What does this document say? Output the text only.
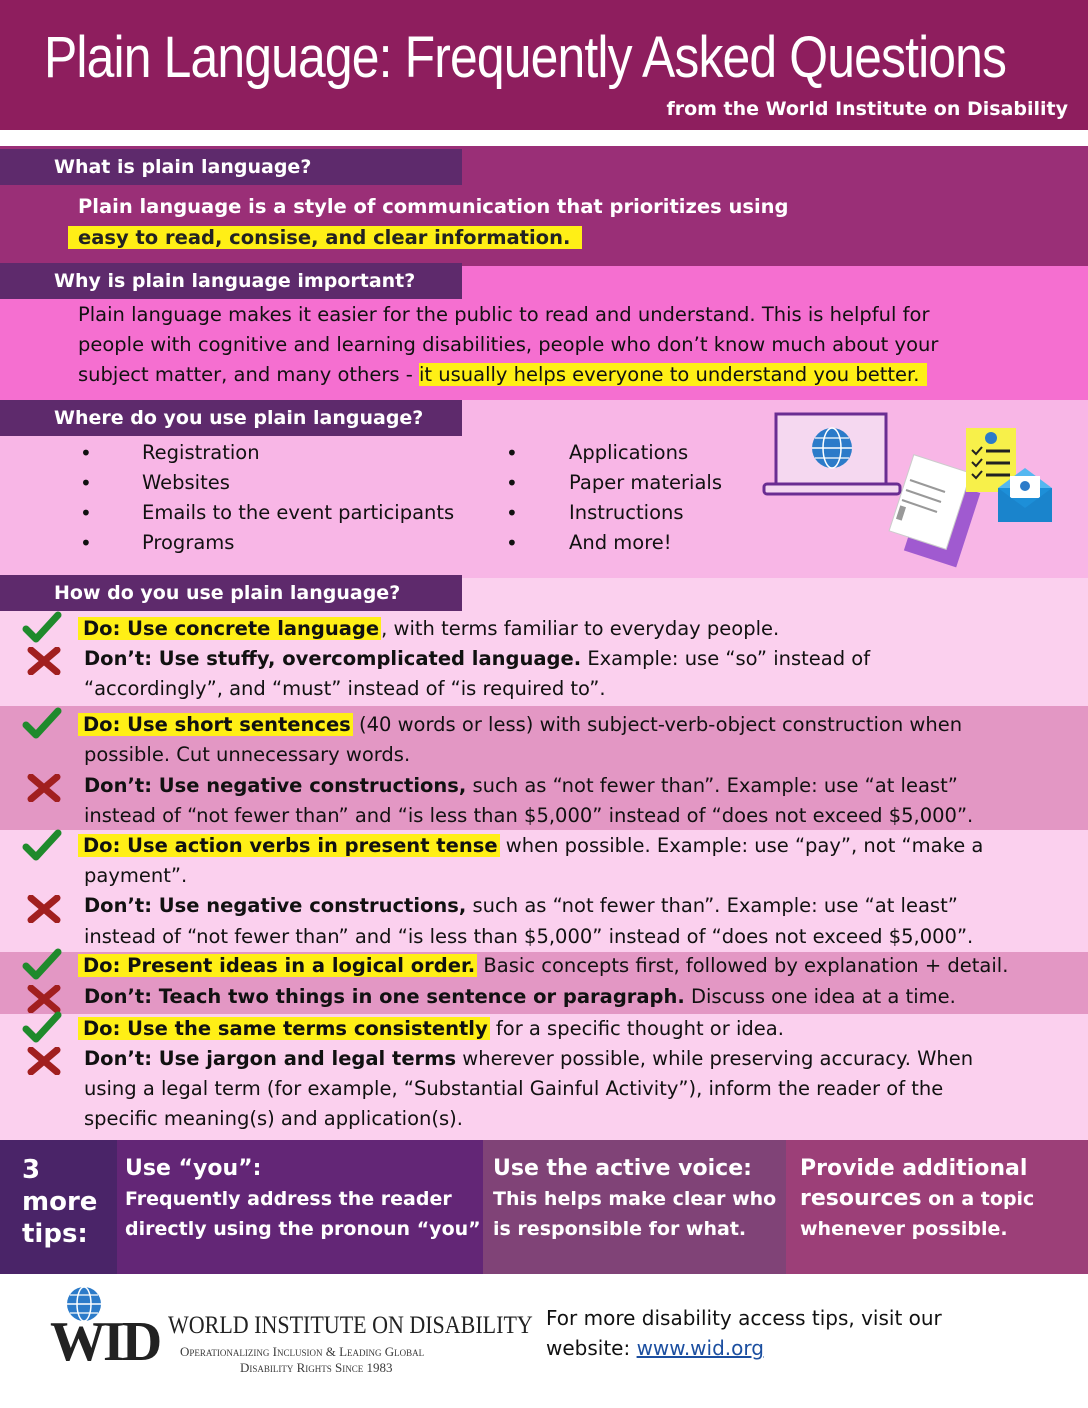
Plain Language: Frequently Asked Questions
from the World Institute on Disability
What is plain language?
Plain language is a style of communication that prioritizes using
easy to read, consise, and clear information.
Why is plain language important?
Plain language makes it easier for the public to read and understand. This is helpful for
people with cognitive and learning disabilities, people who don’t know much about your
subject matter, and many others - it usually helps everyone to understand you better.
Where do you use plain language?
•	Registration
•	Websites
•	Emails to the event participants
•	Programs
•	Applications
•	Paper materials
•	Instructions
•	And more!
How do you use plain language?
Do: Use concrete language , with terms familiar to everyday people.
Don’t: Use stuffy, overcomplicated language. Example: use “so” instead of
“accordingly”, and “must” instead of “is required to”.
Do: Use short sentences (40 words or less) with subject-verb-object construction when
possible. Cut unnecessary words.
Don’t: Use negative constructions, such as “not fewer than”. Example: use “at least”
instead of “not fewer than” and “is less than $5,000” instead of “does not exceed $5,000”.
Do: Use action verbs in present tense when possible. Example: use “pay”, not “make a
payment”.
Don’t: Use negative constructions, such as “not fewer than”. Example: use “at least”
instead of “not fewer than” and “is less than $5,000” instead of “does not exceed $5,000”.
Do: Present ideas in a logical order. Basic concepts first, followed by explanation + detail.
Don’t: Teach two things in one sentence or paragraph. Discuss one idea at a time.
Do: Use the same terms consistently for a specific thought or idea.
Don’t: Use jargon and legal terms wherever possible, while preserving accuracy. When
using a legal term (for example, “Substantial Gainful Activity”), inform the reader of the
specific meaning(s) and application(s).
3
more
tips:
Use “you”:
Frequently address the reader
directly using the pronoun “you”
Use the active voice:
This helps make clear who
is responsible for what.
Provide additional
resources on a topic
whenever possible.
WID WORLD INSTITUTE ON DISABILITY
Operationalizing Inclusion & Leading Global
Disability Rights Since 1983
For more disability access tips, visit our
website: www.wid.org
